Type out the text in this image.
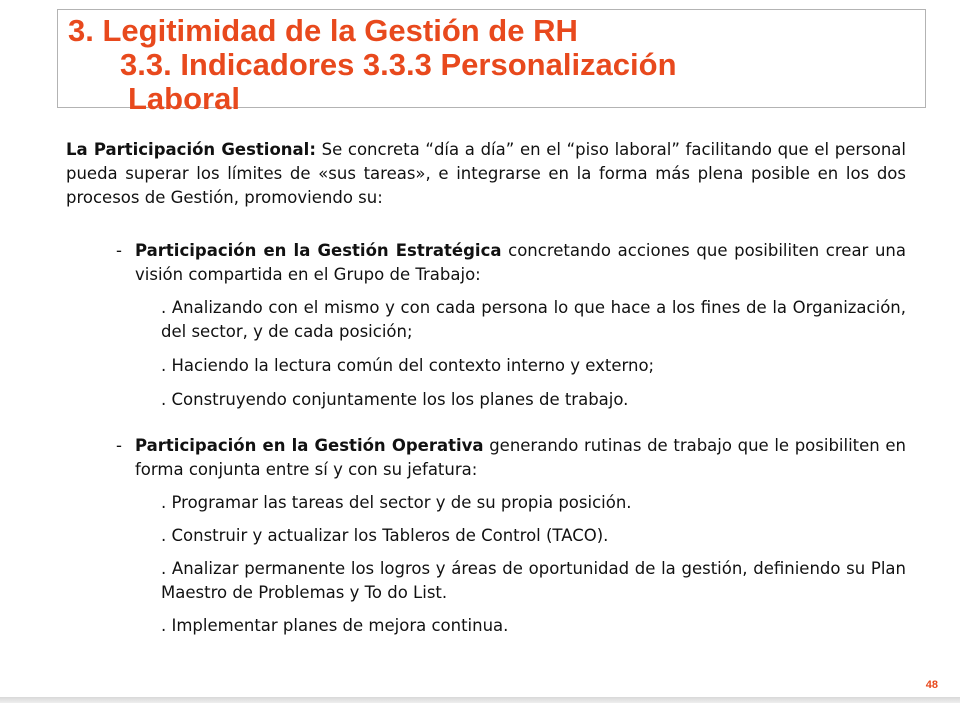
3. Legitimidad de la Gestión de RH
3.3. Indicadores 3.3.3 Personalización
Laboral

La Participación Gestional: Se concreta “día a día” en el “piso laboral” facilitando que el personal pueda superar los límites de «sus tareas», e integrarse en la forma más plena posible en los dos procesos de Gestión, promoviendo su:

- Participación en la Gestión Estratégica concretando acciones que posibiliten crear una visión compartida en el Grupo de Trabajo:

. Analizando con el mismo y con cada persona lo que hace a los fines de la Organización, del sector, y de cada posición;

. Haciendo la lectura común del contexto interno y externo;

. Construyendo conjuntamente los los planes de trabajo.

- Participación en la Gestión Operativa generando rutinas de trabajo que le posibiliten en forma conjunta entre sí y con su jefatura:

. Programar las tareas del sector y de su propia posición.

. Construir y actualizar los Tableros de Control (TACO).

. Analizar permanente los logros y áreas de oportunidad de la gestión, definiendo su Plan Maestro de Problemas y To do List.

. Implementar planes de mejora continua.

48
